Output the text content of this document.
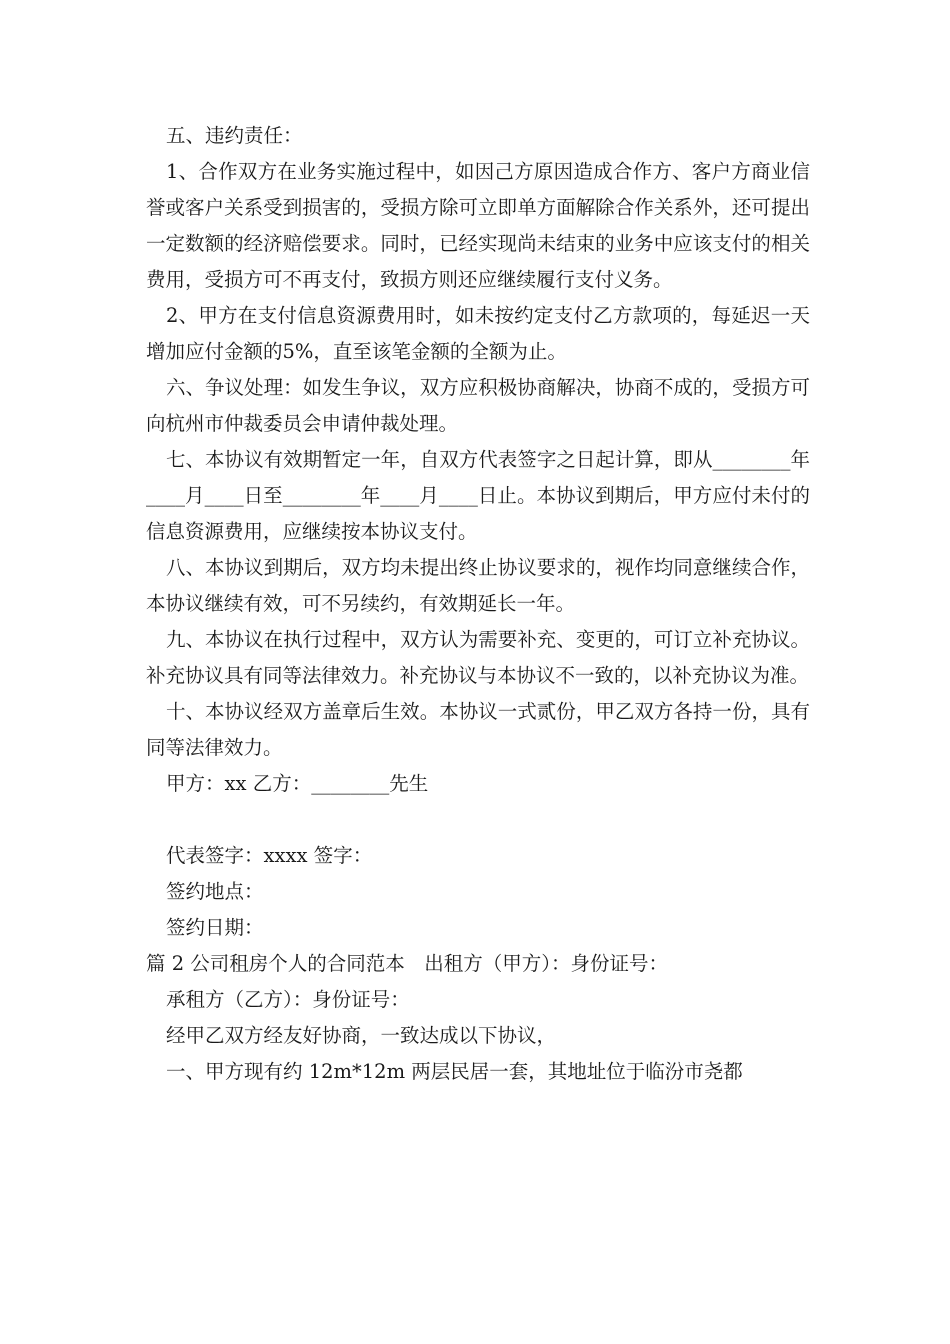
五、违约责任：

1、合作双方在业务实施过程中，如因己方原因造成合作方、客户方商业信誉或客户关系受到损害的，受损方除可立即单方面解除合作关系外，还可提出一定数额的经济赔偿要求。同时，已经实现尚未结束的业务中应该支付的相关费用，受损方可不再支付，致损方则还应继续履行支付义务。

2、甲方在支付信息资源费用时，如未按约定支付乙方款项的，每延迟一天增加应付金额的5%，直至该笔金额的全额为止。

六、争议处理：如发生争议，双方应积极协商解决，协商不成的，受损方可向杭州市仲裁委员会申请仲裁处理。

七、本协议有效期暂定一年，自双方代表签字之日起计算，即从________年____月____日至________年____月____日止。本协议到期后，甲方应付未付的信息资源费用，应继续按本协议支付。

八、本协议到期后，双方均未提出终止协议要求的，视作均同意继续合作，本协议继续有效，可不另续约，有效期延长一年。

九、本协议在执行过程中，双方认为需要补充、变更的，可订立补充协议。补充协议具有同等法律效力。补充协议与本协议不一致的，以补充协议为准。

十、本协议经双方盖章后生效。本协议一式贰份，甲乙双方各持一份，具有同等法律效力。

甲方：xx 乙方：________先生

代表签字：xxxx 签字：

签约地点：

签约日期：

篇 2 公司租房个人的合同范本　出租方（甲方）：身份证号：

承租方（乙方）：身份证号：

经甲乙双方经友好协商，一致达成以下协议，

一、甲方现有约 12m*12m 两层民居一套，其地址位于临汾市尧都
